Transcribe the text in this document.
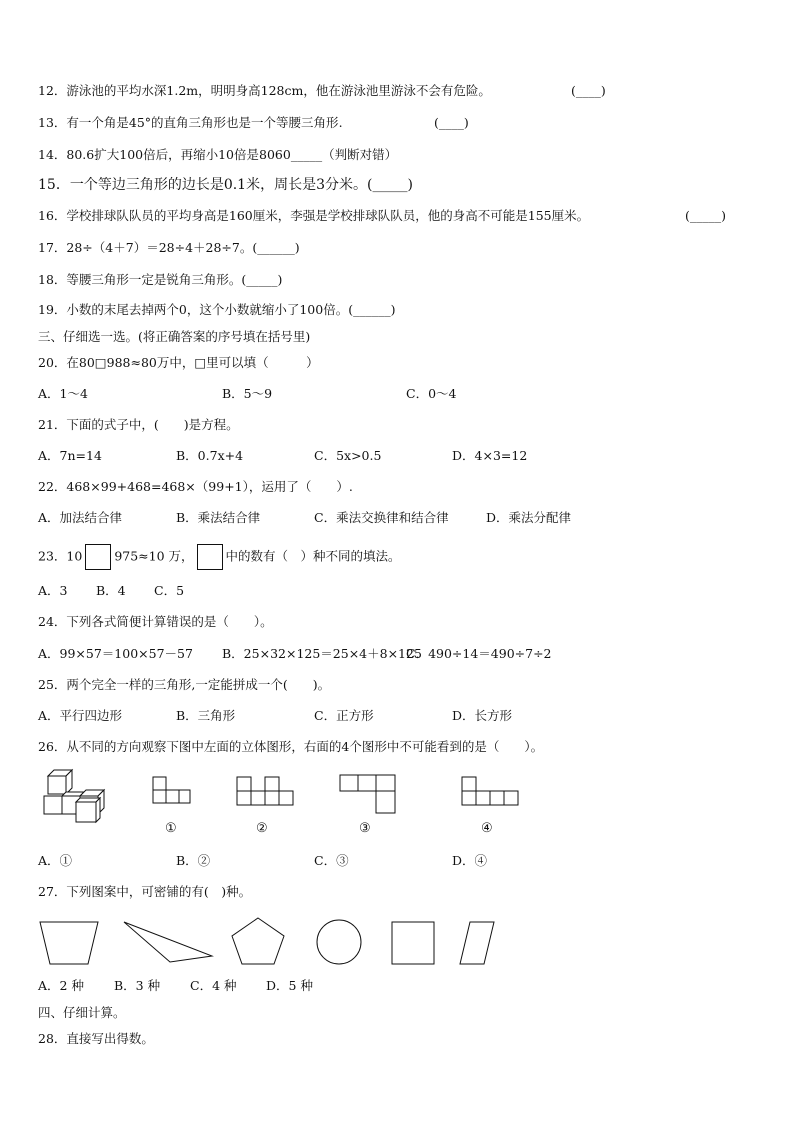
12．游泳池的平均水深1.2m，明明身高128cm，他在游泳池里游泳不会有危险。	(____)
13．有一个角是45°的直角三角形也是一个等腰三角形.	(____)
14．80.6扩大100倍后，再缩小10倍是8060_____（判断对错）
15．一个等边三角形的边长是0.1米，周长是3分米。(_____)
16．学校排球队队员的平均身高是160厘米，李强是学校排球队队员，他的身高不可能是155厘米。	(_____)
17．28÷（4＋7）＝28÷4＋28÷7。(______)
18．等腰三角形一定是锐角三角形。(_____)
19．小数的末尾去掉两个0，这个小数就缩小了100倍。(______)
三、仔细选一选。(将正确答案的序号填在括号里)
20．在80□988≈80万中，□里可以填（　　　）
A．1～4	B．5～9	C．0～4
21．下面的式子中，(　　)是方程。
A．7n=14	B．0.7x+4	C．5x>0.5	D．4×3=12
22．468×99+468=468×（99+1），运用了（　　）.
A．加法结合律	B．乘法结合律	C．乘法交换律和结合律	D．乘法分配律
23．10	975≈10 万，	中的数有（　）种不同的填法。
A．3 B．4 C．5
24．下列各式简便计算错误的是（　　）。
A．99×57＝100×57－57 B．25×32×125＝25×4＋8×125
C．490÷14＝490÷7÷2
25．两个完全一样的三角形,一定能拼成一个(　　)。
A．平行四边形	B．三角形	C．正方形	D．长方形
26．从不同的方向观察下图中左面的立体图形，右面的4个图形中不可能看到的是（　　）。
①	②	③	④
A．①	B．②	C．③	D．④
27．下列图案中，可密铺的有(　)种。
A．2 种 B．3 种 C．4 种 D．5 种
四、仔细计算。
28．直接写出得数。
